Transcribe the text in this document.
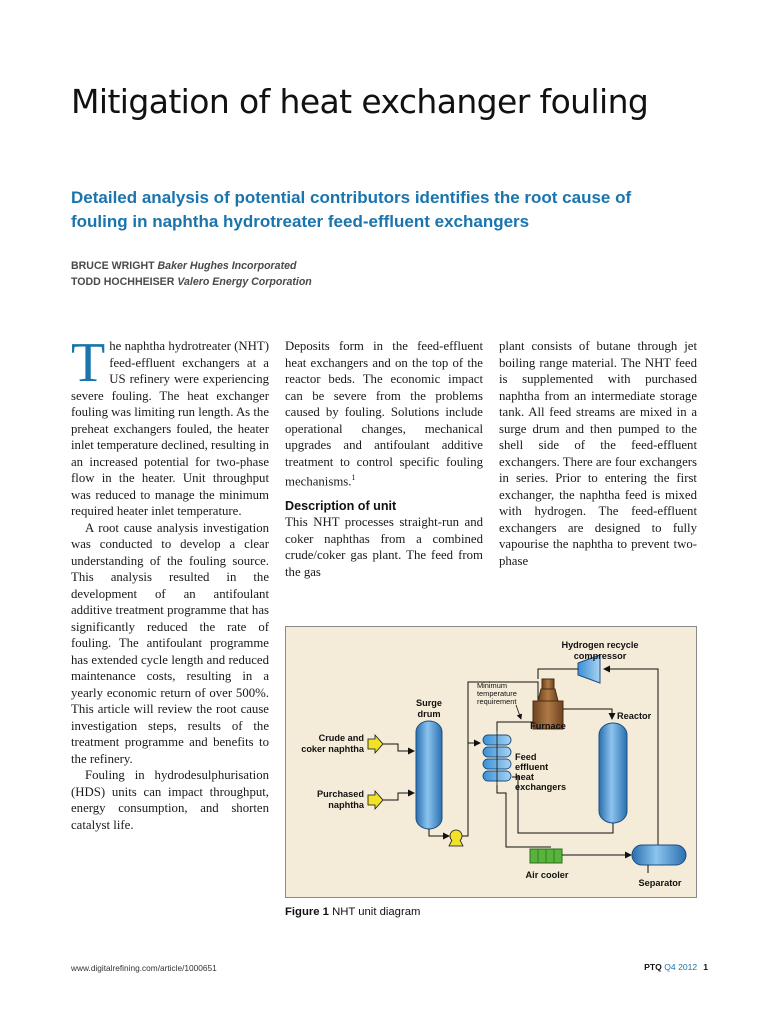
Mitigation of heat exchanger fouling

Detailed analysis of potential contributors identifies the root cause of fouling in naphtha hydrotreater feed-effluent exchangers

BRUCE WRIGHT Baker Hughes Incorporated
TODD HOCHHEISER Valero Energy Corporation

The naphtha hydrotreater (NHT) feed-effluent exchangers at a US refinery were experiencing severe fouling. The heat exchanger fouling was limiting run length. As the preheat exchangers fouled, the heater inlet temperature declined, resulting in an increased potential for two-phase flow in the heater. Unit throughput was reduced to manage the minimum required heater inlet temperature.

A root cause analysis investigation was conducted to develop a clear understanding of the fouling source. This analysis resulted in the development of an antifoulant additive treatment programme that has significantly reduced the rate of fouling. The antifoulant programme has extended cycle length and reduced maintenance costs, resulting in a yearly economic return of over 500%. This article will review the root cause investigation steps, results of the treatment programme and benefits to the refinery.

Fouling in hydrodesulphurisation (HDS) units can impact throughput, energy consumption, and shorten catalyst life.

Deposits form in the feed-effluent heat exchangers and on the top of the reactor beds. The economic impact can be severe from the problems caused by fouling. Solutions include operational changes, mechanical upgrades and antifoulant additive treatment to control specific fouling mechanisms.$^1$

Description of unit

This NHT processes straight-run and coker naphthas from a combined crude/coker gas plant. The feed from the gas

plant consists of butane through jet boiling range material. The NHT feed is supplemented with purchased naphtha from an intermediate storage tank. All feed streams are mixed in a surge drum and then pumped to the shell side of the feed-effluent exchangers. There are four exchangers in series. Prior to entering the first exchanger, the naphtha feed is mixed with hydrogen. The feed-effluent exchangers are designed to fully vapourise the naphtha to prevent two-phase

Hydrogen recycle
compressor
Minimum
temperature
requirement
Surge
drum
Furnace
Reactor
Crude and
coker naphtha
Purchased
naphtha
Feed
effluent
heat
exchangers
Air cooler
Separator

Figure 1 NHT unit diagram

www.digitalrefining.com/article/1000651	PTQ Q4 2012 1
